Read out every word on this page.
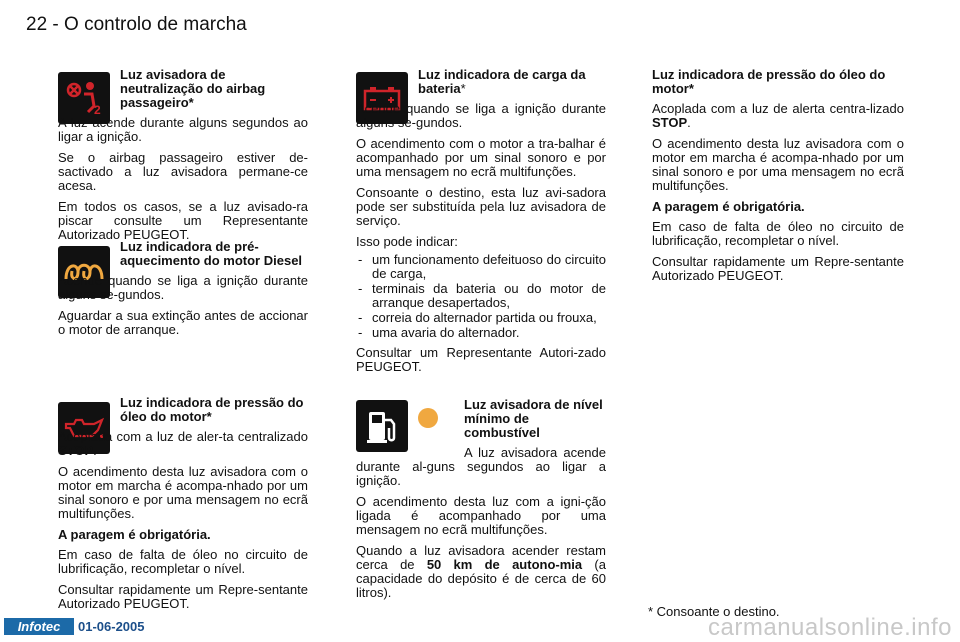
22 - O controlo de marcha
2
Luz avisadora de neutralização do airbag passageiro*

A luz acende durante alguns segundos ao ligar a ignição.

Se o airbag passageiro estiver de-sactivado a luz avisadora permane-ce acesa.

Em todos os casos, se a luz avisado-ra piscar consulte um Representante Autorizado PEUGEOT.

Luz indicadora de pré-aquecimento do motor Diesel

Acende quando se liga a ignição durante alguns se-gundos.

Aguardar a sua extinção antes de accionar o motor de arranque.

Luz indicadora de pressão do óleo do motor*

Acoplada com a luz de aler-ta centralizado STOP.

O acendimento desta luz avisadora com o motor em marcha é acompa-nhado por um sinal sonoro e por uma mensagem no ecrã multifunções.

A paragem é obrigatória.

Em caso de falta de óleo no circuito de lubrificação, recompletar o nível.

Consultar rapidamente um Repre-sentante Autorizado PEUGEOT.

Luz indicadora de carga da bateria*

Acende quando se liga a ignição durante alguns se-gundos.

O acendimento com o motor a tra-balhar é acompanhado por um sinal sonoro e por uma mensagem no ecrã multifunções.

Consoante o destino, esta luz avi-sadora pode ser substituída pela luz avisadora de serviço.

Isso pode indicar:

- um funcionamento defeituoso do circuito de carga,
- terminais da bateria ou do motor de arranque desapertados,
- correia do alternador partida ou frouxa,
- uma avaria do alternador.

Consultar um Representante Autori-zado PEUGEOT.

Luz avisadora de nível mínimo de combustível

A luz avisadora acende durante al-guns segundos ao ligar a ignição.

O acendimento desta luz com a igni-ção ligada é acompanhado por uma mensagem no ecrã multifunções.

Quando a luz avisadora acender restam cerca de 50 km de autono-mia (a capacidade do depósito é de cerca de 60 litros).

Luz indicadora de pressão do óleo do motor*

Acoplada com a luz de alerta centra-lizado STOP.

O acendimento desta luz avisadora com o motor em marcha é acompa-nhado por um sinal sonoro e por uma mensagem no ecrã multifunções.

A paragem é obrigatória.

Em caso de falta de óleo no circuito de lubrificação, recompletar o nível.

Consultar rapidamente um Repre-sentante Autorizado PEUGEOT.

* Consoante o destino.
Infotec	01-06-2005	carmanualsonline.info
